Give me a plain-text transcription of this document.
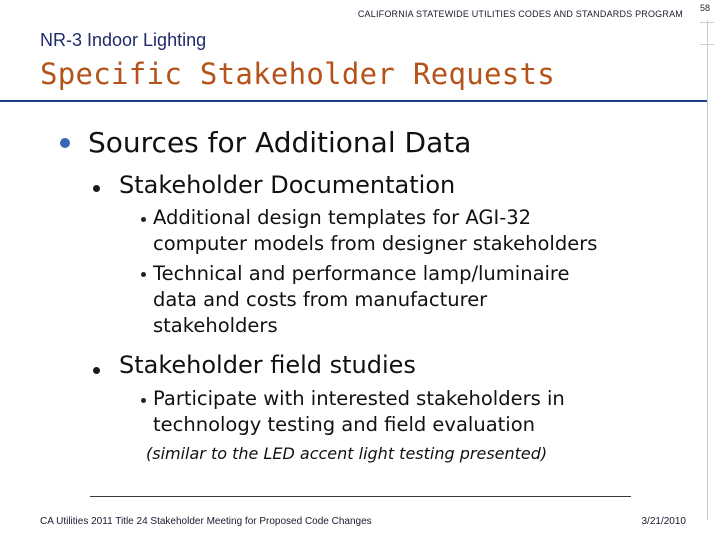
CALIFORNIA STATEWIDE UTILITIES CODES AND STANDARDS PROGRAM
58
NR-3 Indoor Lighting
Specific Stakeholder Requests
Sources for Additional Data
Stakeholder Documentation
Additional design templates for AGI-32
computer models from designer stakeholders
Technical and performance lamp/luminaire
data and costs from manufacturer
stakeholders
Stakeholder field studies
Participate with interested stakeholders in
technology testing and field evaluation
(similar to the LED accent light testing presented)
CA Utilities 2011 Title 24 Stakeholder Meeting for Proposed Code Changes	3/21/2010
